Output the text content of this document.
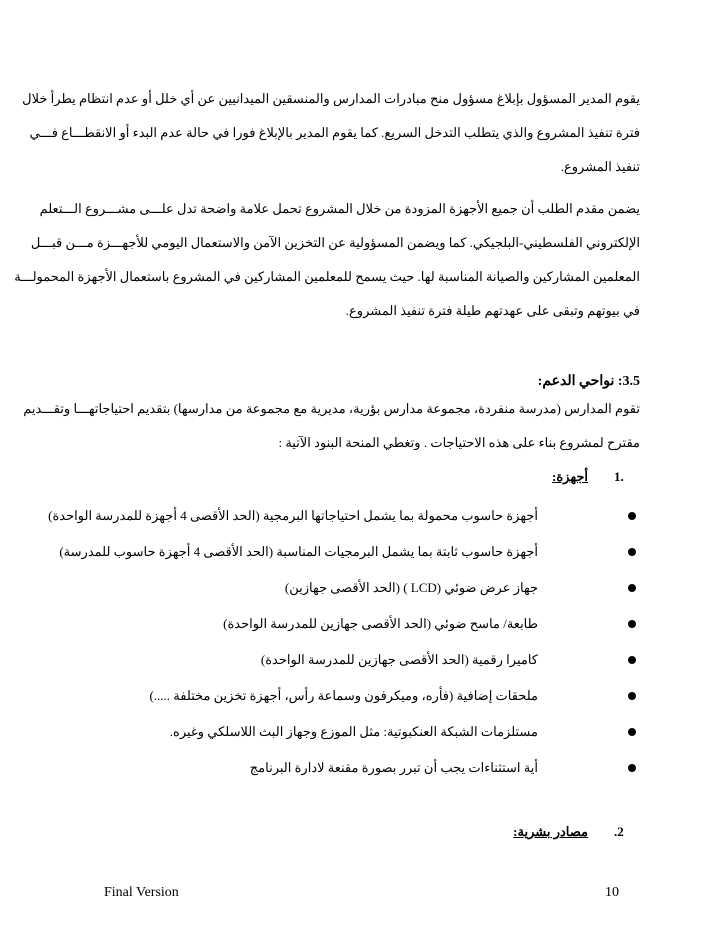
يقوم المدير المسؤول بإبلاغ مسؤول منح مبادرات المدارس والمنسقين الميدانيين عن أي خلل أو عدم انتظام يطرأ خلال
فترة تنفيذ المشروع والذي يتطلب التدخل السريع. كما يقوم المدير بالإبلاغ فورا في حالة عدم البدء أو الانقطـــاع فـــي
تنفيذ المشروع.
يضمن مقدم الطلب أن جميع الأجهزة المزودة من خلال المشروع تحمل علامة واضحة تدل علـــى مشـــروع الـــتعلم
الإلكتروني الفلسطيني-البلجيكي. كما ويضمن المسؤولية عن التخزين الآمن والاستعمال اليومي للأجهـــزة مـــن قبـــل
المعلمين المشاركين والصيانة المناسبة لها. حيث يسمح للمعلمين المشاركين في المشروع باستعمال الأجهزة المحمولـــة
في بيوتهم وتبقى على عهدتهم طيلة فترة تنفيذ المشروع.
3.5: نواحي الدعم:
تقوم المدارس (مدرسة منفردة، مجموعة مدارس بؤرية، مديرية مع مجموعة من مدارسها) بتقديم احتياجاتهـــا وتقـــديم
مقترح لمشروع بناء على هذه الاحتياجات . وتغطي المنحة البنود الآتية :
1.
أجهزة:
أجهزة حاسوب محمولة بما يشمل احتياجاتها البرمجية (الحد الأقصى 4 أجهزة للمدرسة الواحدة)
أجهزة حاسوب ثابتة بما يشمل البرمجيات المناسبة (الحد الأقصى 4 أجهزة حاسوب للمدرسة)
جهاز عرض ضوئي (LCD ) (الحد الأقصى جهازين)
طابعة/ ماسح ضوئي (الحد الأقصى جهازين للمدرسة الواحدة)
كاميرا رقمية (الحد الأقصى جهازين للمدرسة الواحدة)
ملحقات إضافية (فأره، وميكرفون وسماعة رأس، أجهزة تخزين مختلفة .....)
مستلزمات الشبكة العنكبوتية: مثل الموزع وجهاز البث اللاسلكي وغيره.
أية استثناءات يجب أن تبرر بصورة مقنعة لادارة البرنامج
.2
مصادر بشرية:
Final Version	10
